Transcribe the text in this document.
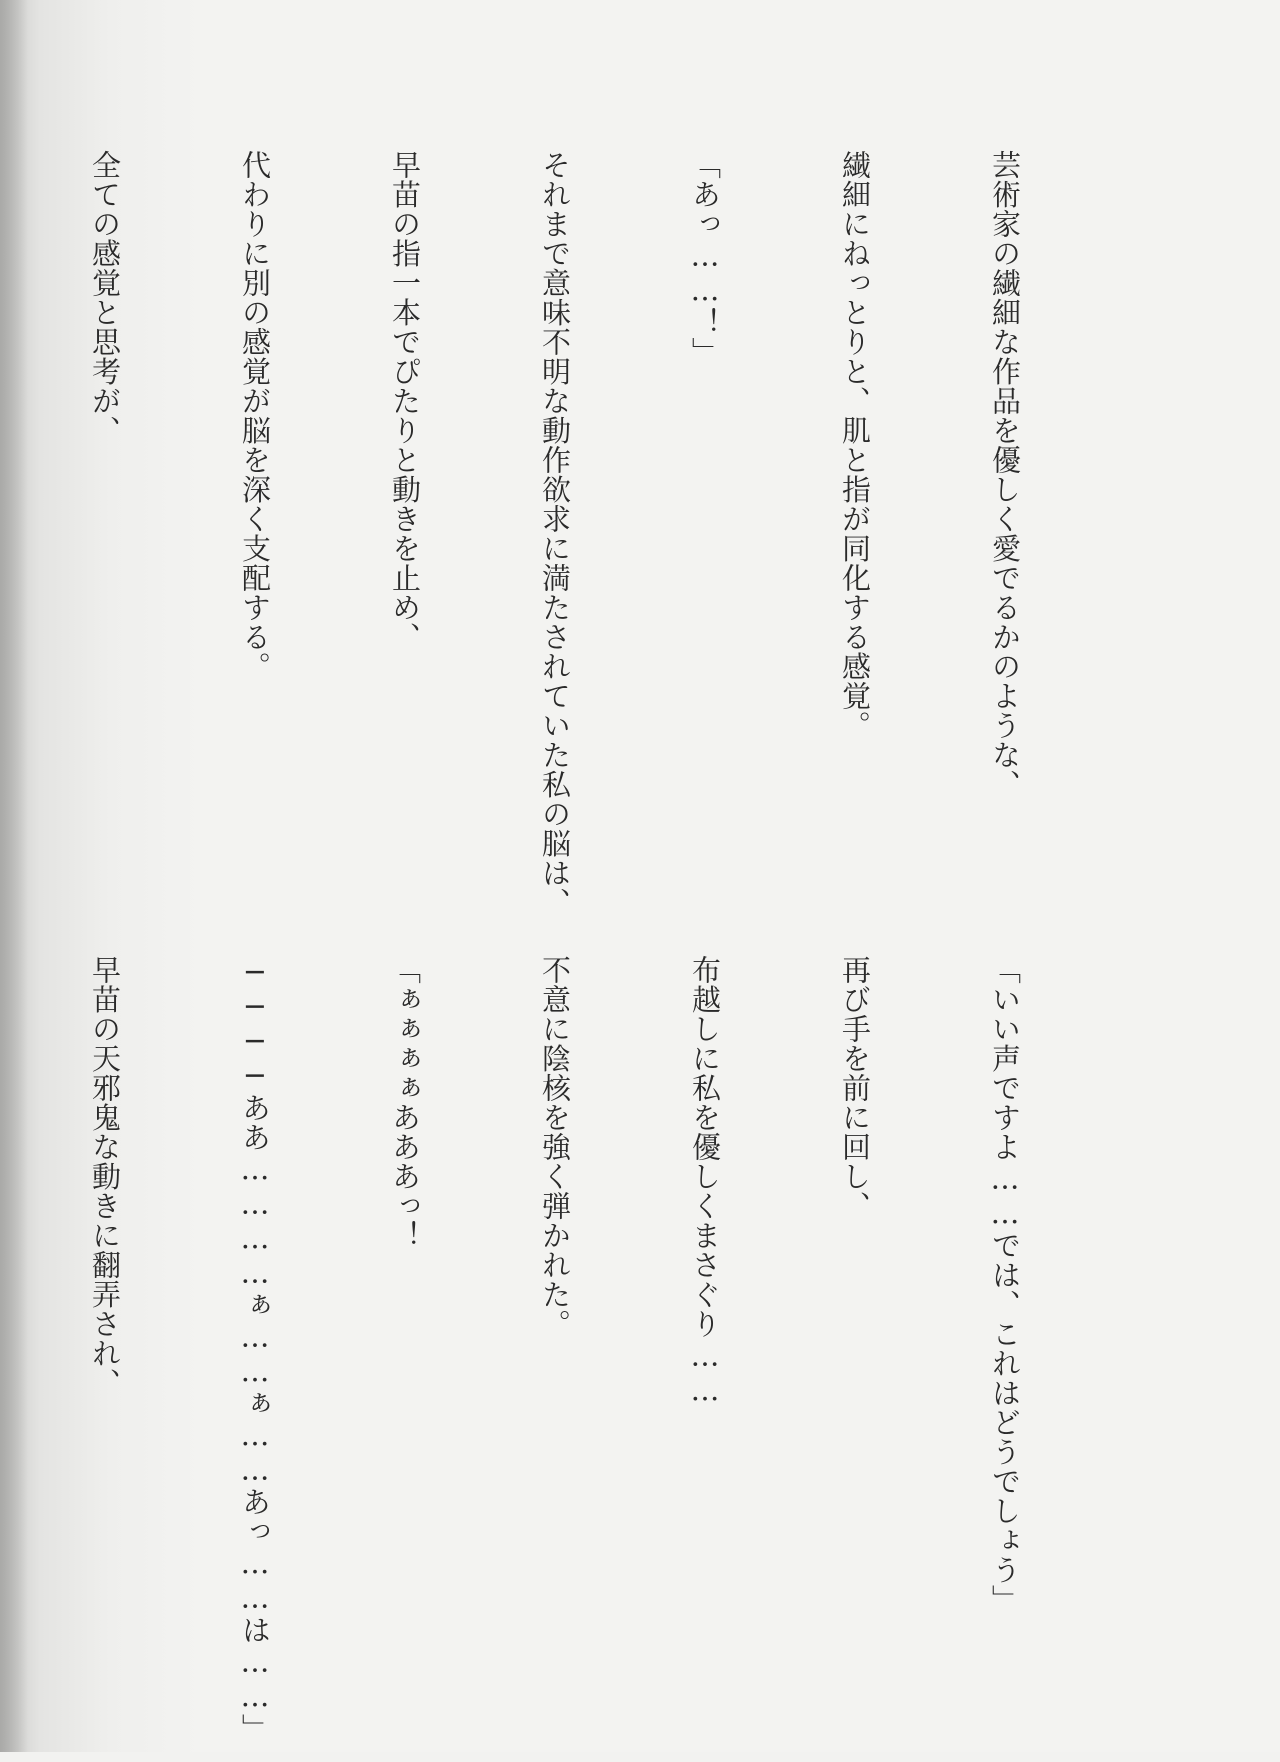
芸術家の繊細な作品を優しく愛でるかのような、

繊細にねっとりと、肌と指が同化する感覚。

「あっ……！」

それまで意味不明な動作欲求に満たされていた私の脳は、

早苗の指一本でぴたりと動きを止め、

代わりに別の感覚が脳を深く支配する。

全ての感覚と思考が、

「いい声ですよ……では、これはどうでしょう」

再び手を前に回し、

布越しに私を優しくまさぐり……

不意に陰核を強く弾かれた。

「ぁぁぁぁあああっ！

────ああ…………ぁ……ぁ……あっ……は……」

早苗の天邪鬼な動きに翻弄され、
